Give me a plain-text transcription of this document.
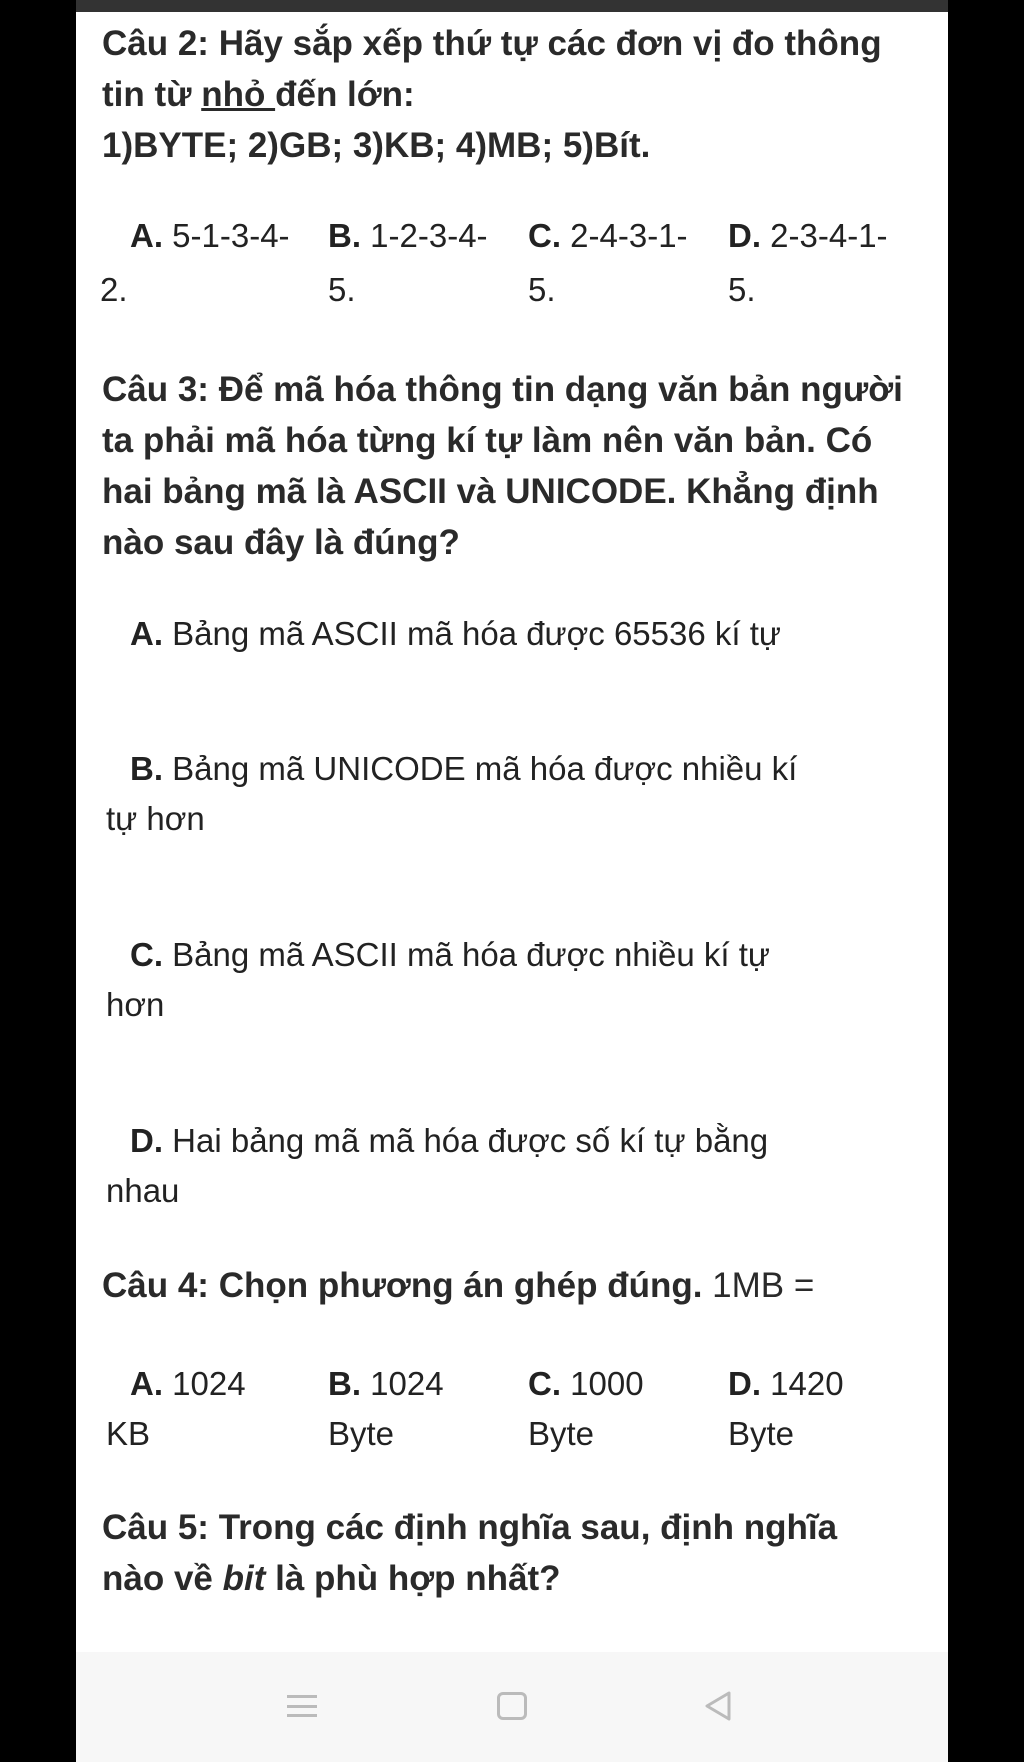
Câu 2: Hãy sắp xếp thứ tự các đơn vị đo thông
tin từ nhỏ đến lớn:
1)BYTE; 2)GB; 3)KB; 4)MB; 5)Bít.
A. 5-1-3-4- B. 1-2-3-4- C. 2-4-3-1- D. 2-3-4-1-
2.	5.	5.	5.
Câu 3: Để mã hóa thông tin dạng văn bản người
ta phải mã hóa từng kí tự làm nên văn bản. Có
hai bảng mã là ASCII và UNICODE. Khẳng định
nào sau đây là đúng?
A. Bảng mã ASCII mã hóa được 65536 kí tự
B. Bảng mã UNICODE mã hóa được nhiều kí
tự hơn
C. Bảng mã ASCII mã hóa được nhiều kí tự
hơn
D. Hai bảng mã mã hóa được số kí tự bằng
nhau
Câu 4: Chọn phương án ghép đúng. 1MB =
A. 1024 B. 1024	C. 1000	D. 1420
KB	Byte	Byte	Byte
Câu 5: Trong các định nghĩa sau, định nghĩa
nào về bit là phù hợp nhất?
